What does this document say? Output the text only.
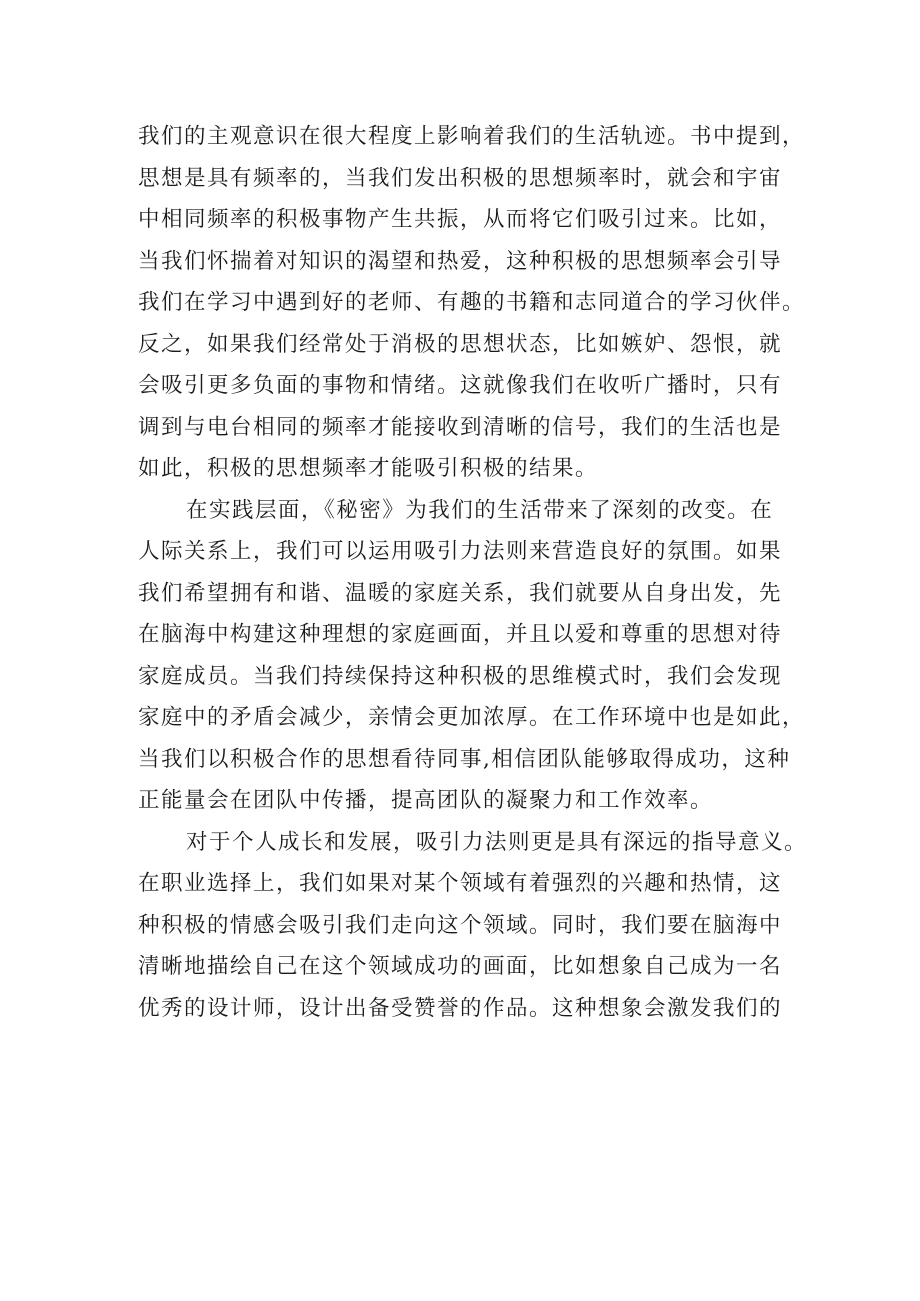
我们的主观意识在很大程度上影响着我们的生活轨迹。书中提到，

思想是具有频率的，当我们发出积极的思想频率时，就会和宇宙

中相同频率的积极事物产生共振，从而将它们吸引过来。比如，

当我们怀揣着对知识的渴望和热爱，这种积极的思想频率会引导

我们在学习中遇到好的老师、有趣的书籍和志同道合的学习伙伴。

反之，如果我们经常处于消极的思想状态，比如嫉妒、怨恨，就

会吸引更多负面的事物和情绪。这就像我们在收听广播时，只有

调到与电台相同的频率才能接收到清晰的信号，我们的生活也是

如此，积极的思想频率才能吸引积极的结果。

在实践层面，《秘密》为我们的生活带来了深刻的改变。在

人际关系上，我们可以运用吸引力法则来营造良好的氛围。如果

我们希望拥有和谐、温暖的家庭关系，我们就要从自身出发，先

在脑海中构建这种理想的家庭画面，并且以爱和尊重的思想对待

家庭成员。当我们持续保持这种积极的思维模式时，我们会发现

家庭中的矛盾会减少，亲情会更加浓厚。在工作环境中也是如此，

当我们以积极合作的思想看待同事,相信团队能够取得成功，这种

正能量会在团队中传播，提高团队的凝聚力和工作效率。

对于个人成长和发展，吸引力法则更是具有深远的指导意义。

在职业选择上，我们如果对某个领域有着强烈的兴趣和热情，这

种积极的情感会吸引我们走向这个领域。同时，我们要在脑海中

清晰地描绘自己在这个领域成功的画面，比如想象自己成为一名

优秀的设计师，设计出备受赞誉的作品。这种想象会激发我们的
